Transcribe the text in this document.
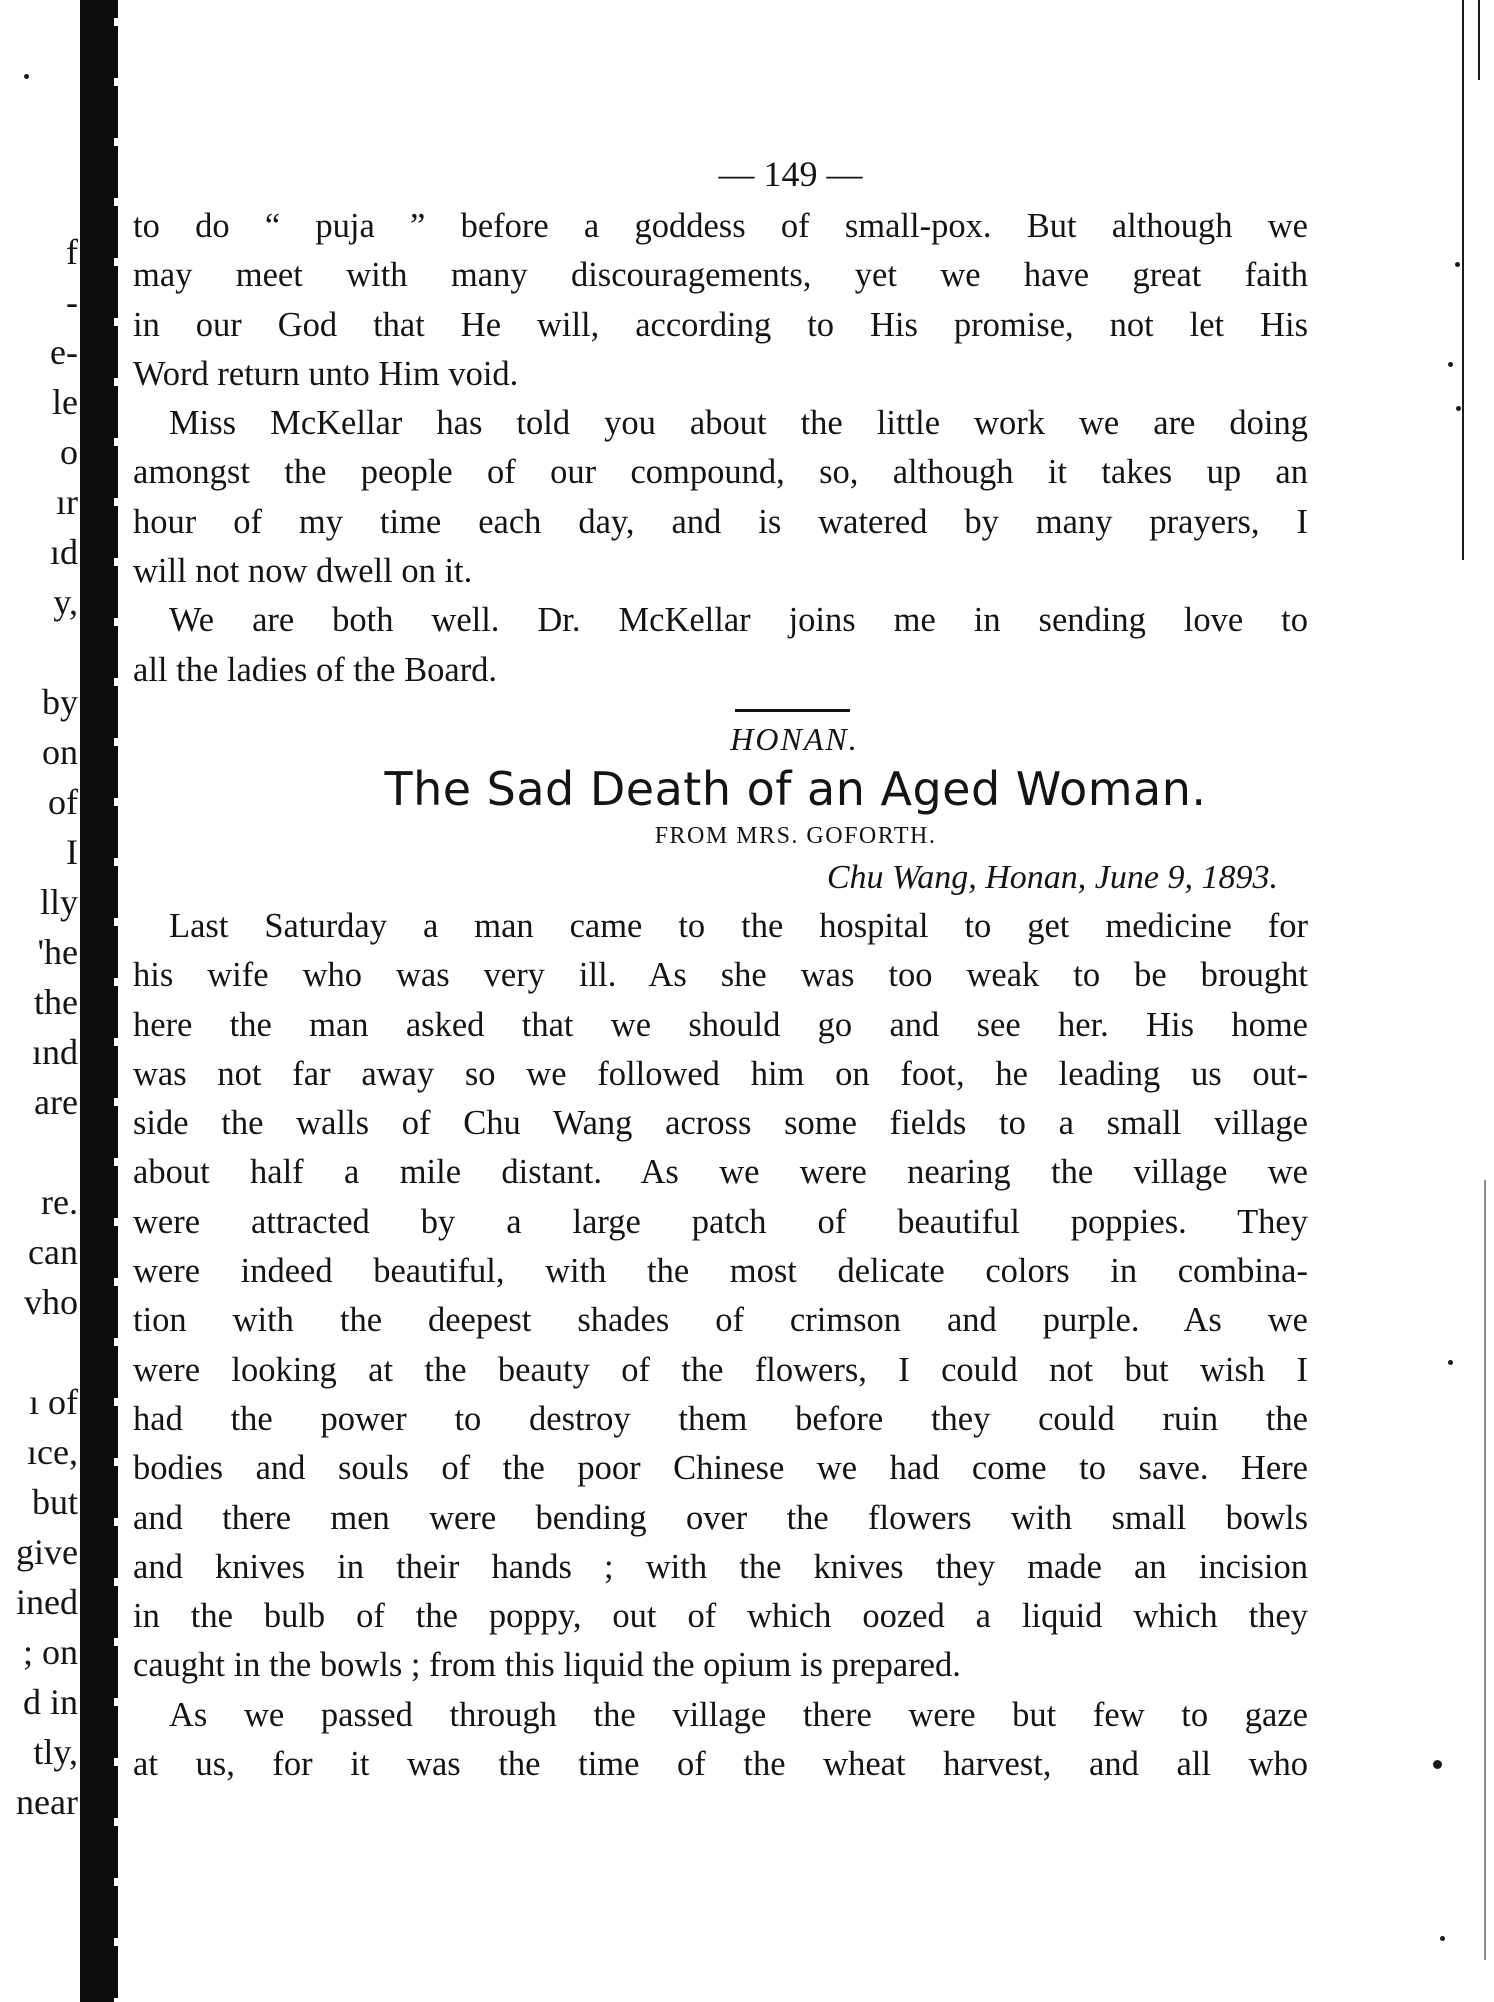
f
-
e-
le
o
ır
ıd
y,
by
on
of
I
lly
'he
the
ınd
are
re.
can
vho
ı of
ıce,
but
give
ined
; on
d in
tly,
near
— 149 —
to do “ puja ” before a goddess of small-pox. But although we
may meet with many discouragements, yet we have great faith
in our God that He will, according to His promise, not let His
Word return unto Him void.
Miss McKellar has told you about the little work we are doing
amongst the people of our compound, so, although it takes up an
hour of my time each day, and is watered by many prayers, I
will not now dwell on it.
We are both well. Dr. McKellar joins me in sending love to
all the ladies of the Board.
HONAN.
The Sad Death of an Aged Woman.
FROM MRS. GOFORTH.
Chu Wang, Honan, June 9, 1893.
Last Saturday a man came to the hospital to get medicine for
his wife who was very ill. As she was too weak to be brought
here the man asked that we should go and see her. His home
was not far away so we followed him on foot, he leading us out-
side the walls of Chu Wang across some fields to a small village
about half a mile distant. As we were nearing the village we
were attracted by a large patch of beautiful poppies. They
were indeed beautiful, with the most delicate colors in combina-
tion with the deepest shades of crimson and purple. As we
were looking at the beauty of the flowers, I could not but wish I
had the power to destroy them before they could ruin the
bodies and souls of the poor Chinese we had come to save. Here
and there men were bending over the flowers with small bowls
and knives in their hands ; with the knives they made an incision
in the bulb of the poppy, out of which oozed a liquid which they
caught in the bowls ; from this liquid the opium is prepared.
As we passed through the village there were but few to gaze
at us, for it was the time of the wheat harvest, and all who
